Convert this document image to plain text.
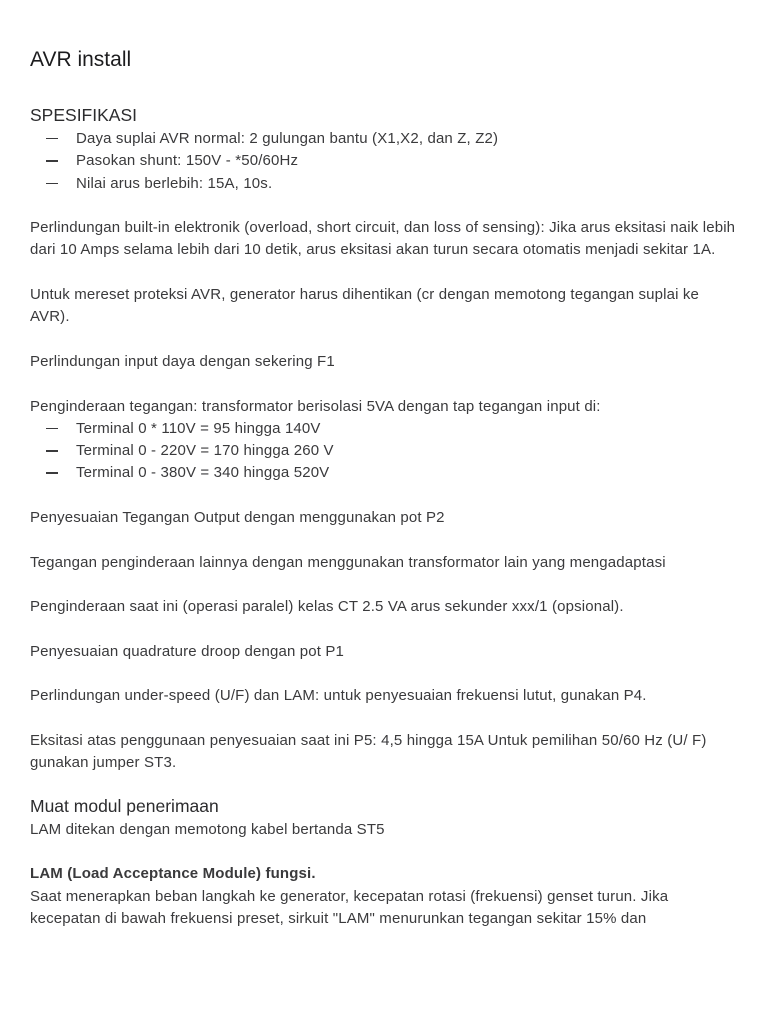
AVR install
SPESIFIKASI
Daya suplai AVR normal: 2 gulungan bantu (X1,X2, dan Z, Z2)
Pasokan shunt: 150V - *50/60Hz
Nilai arus berlebih: 15A, 10s.

Perlindungan built-in elektronik (overload, short circuit, dan loss of sensing): Jika arus eksitasi naik lebih dari 10 Amps selama lebih dari 10 detik, arus eksitasi akan turun secara otomatis menjadi sekitar 1A.

Untuk mereset proteksi AVR, generator harus dihentikan (cr dengan memotong tegangan suplai ke AVR).

Perlindungan input daya dengan sekering F1

Penginderaan tegangan: transformator berisolasi 5VA dengan tap tegangan input di:

Terminal 0 * 110V = 95 hingga 140V
Terminal 0 - 220V = 170 hingga 260 V
Terminal 0 - 380V = 340 hingga 520V

Penyesuaian Tegangan Output dengan menggunakan pot P2

Tegangan penginderaan lainnya dengan menggunakan transformator lain yang mengadaptasi

Penginderaan saat ini (operasi paralel) kelas CT 2.5 VA arus sekunder xxx/1 (opsional).

Penyesuaian quadrature droop dengan pot P1

Perlindungan under-speed (U/F) dan LAM: untuk penyesuaian frekuensi lutut, gunakan P4.

Eksitasi atas penggunaan penyesuaian saat ini P5: 4,5 hingga 15A Untuk pemilihan 50/60 Hz (U/ F) gunakan jumper ST3.

Muat modul penerimaan

LAM ditekan dengan memotong kabel bertanda ST5

LAM (Load Acceptance Module) fungsi.

Saat menerapkan beban langkah ke generator, kecepatan rotasi (frekuensi) genset turun. Jika kecepatan di bawah frekuensi preset, sirkuit "LAM" menurunkan tegangan sekitar 15% dan
